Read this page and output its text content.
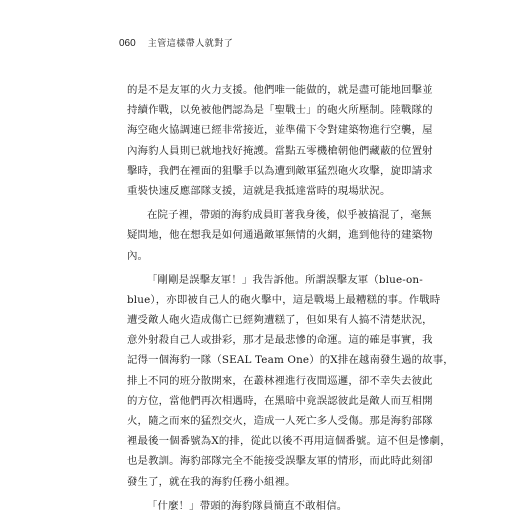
060 主管這樣帶人就對了
的是不是友軍的火力支援。他們唯一能做的，就是盡可能地回擊並
持續作戰，以免被他們認為是「聖戰士」的砲火所壓制。陸戰隊的
海空砲火協調連已經非常接近，並準備下令對建築物進行空襲，屋
內海豹人員則已就地找好掩護。當點五零機槍朝他們藏蔽的位置射
擊時，我們在裡面的狙擊手以為遭到敵軍猛烈砲火攻擊，旋即請求
重裝快速反應部隊支援，這就是我抵達當時的現場狀況。
在院子裡，帶頭的海豹成員盯著我身後，似乎被搞混了，毫無
疑問地，他在想我是如何通過敵軍無情的火網，進到他待的建築物
內。
「剛剛是誤擊友軍！」我告訴他。所謂誤擊友軍（blue-on-
blue），亦即被自己人的砲火擊中，這是戰場上最糟糕的事。作戰時
遭受敵人砲火造成傷亡已經夠遭糕了，但如果有人搞不清楚狀況，
意外射殺自己人或掛彩，那才是最悲慘的命運。這的確是事實，我
記得一個海豹一隊（SEAL Team One）的X排在越南發生過的故事，
排上不同的班分散開來，在叢林裡進行夜間巡邏，卻不幸失去彼此
的方位，當他們再次相遇時，在黑暗中竟誤認彼此是敵人而互相開
火，隨之而來的猛烈交火，造成一人死亡多人受傷。那是海豹部隊
裡最後一個番號為X的排，從此以後不再用這個番號。這不但是慘劇，
也是教訓。海豹部隊完全不能接受誤擊友軍的情形，而此時此刻卻
發生了，就在我的海豹任務小組裡。
「什麼！」帶頭的海豹隊員簡直不敢相信。
